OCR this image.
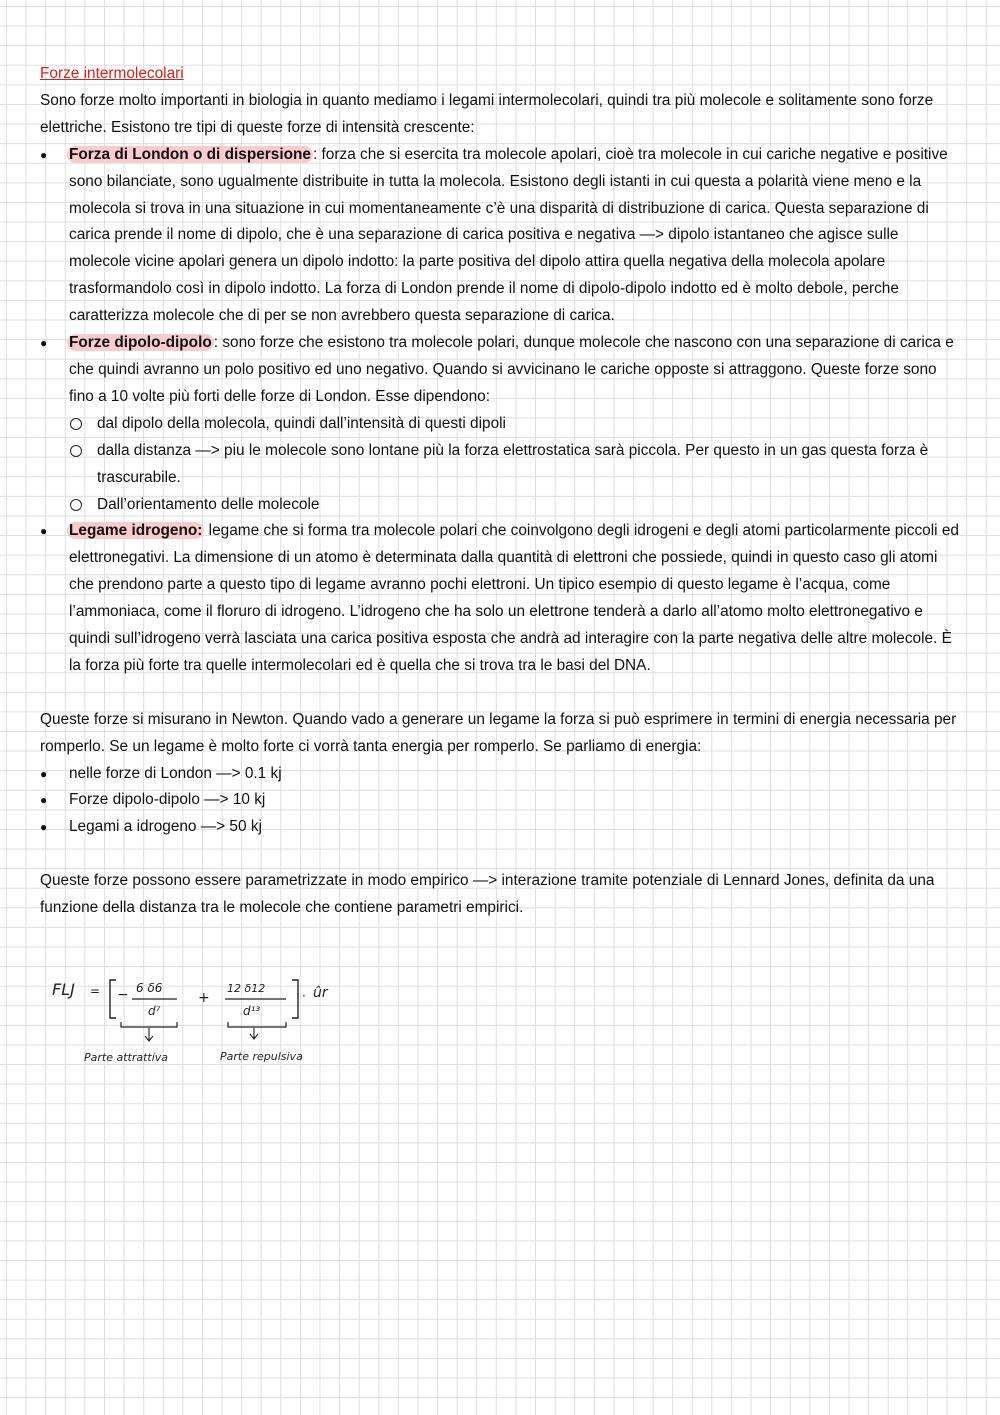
Forze intermolecolari

Sono forze molto importanti in biologia in quanto mediamo i legami intermolecolari, quindi tra più molecole e solitamente sono forze elettriche. Esistono tre tipi di queste forze di intensità crescente:

● Forza di London o di dispersione : forza che si esercita tra molecole apolari, cioè tra molecole in cui cariche negative e positive sono bilanciate, sono ugualmente distribuite in tutta la molecola. Esistono degli istanti in cui questa a polarità viene meno e la molecola si trova in una situazione in cui momentaneamente c’è una disparità di distribuzione di carica. Questa separazione di carica prende il nome di dipolo, che è una separazione di carica positiva e negativa —> dipolo istantaneo che agisce sulle molecole vicine apolari genera un dipolo indotto: la parte positiva del dipolo attira quella negativa della molecola apolare trasformandolo così in dipolo indotto. La forza di London prende il nome di dipolo-dipolo indotto ed è molto debole, perche caratterizza molecole che di per se non avrebbero questa separazione di carica.
● Forze dipolo-dipolo : sono forze che esistono tra molecole polari, dunque molecole che nascono con una separazione di carica e che quindi avranno un polo positivo ed uno negativo. Quando si avvicinano le cariche opposte si attraggono. Queste forze sono fino a 10 volte più forti delle forze di London. Esse dipendono:
dal dipolo della molecola, quindi dall’intensità di questi dipoli
dalla distanza —> piu le molecole sono lontane più la forza elettrostatica sarà piccola. Per questo in un gas questa forza è trascurabile.
Dall’orientamento delle molecole
● Legame idrogeno: legame che si forma tra molecole polari che coinvolgono degli idrogeni e degli atomi particolarmente piccoli ed elettronegativi. La dimensione di un atomo è determinata dalla quantità di elettroni che possiede, quindi in questo caso gli atomi che prendono parte a questo tipo di legame avranno pochi elettroni. Un tipico esempio di questo legame è l’acqua, come l’ammoniaca, come il floruro di idrogeno. L’idrogeno che ha solo un elettrone tenderà a darlo all’atomo molto elettronegativo e quindi sull’idrogeno verrà lasciata una carica positiva esposta che andrà ad interagire con la parte negativa delle altre molecole. È la forza più forte tra quelle intermolecolari ed è quella che si trova tra le basi del DNA.

Queste forze si misurano in Newton. Quando vado a generare un legame la forza si può esprimere in termini di energia necessaria per romperlo. Se un legame è molto forte ci vorrà tanta energia per romperlo. Se parliamo di energia:

● nelle forze di London —> 0.1 kj
● Forze dipolo-dipolo —> 10 kj
● Legami a idrogeno —> 50 kj

Queste forze possono essere parametrizzate in modo empirico —> interazione tramite potenziale di Lennard Jones, definita da una funzione della distanza tra le molecole che contiene parametri empirici.

FLJ = − 6 δ6
d⁷
+
12 δ12
d¹³
· ûr
Parte attrattiva	Parte repulsiva
